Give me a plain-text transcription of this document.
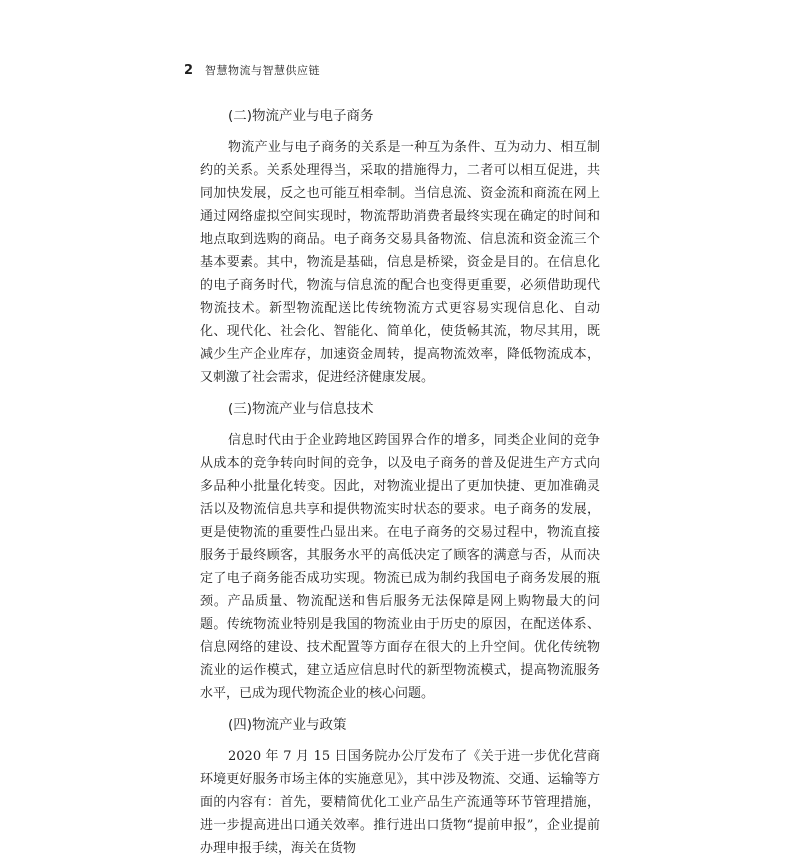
2 智慧物流与智慧供应链
(二)物流产业与电子商务

物流产业与电子商务的关系是一种互为条件、互为动力、相互制约的关系。关系处理得当，采取的措施得力，二者可以相互促进，共同加快发展，反之也可能互相牵制。当信息流、资金流和商流在网上通过网络虚拟空间实现时，物流帮助消费者最终实现在确定的时间和地点取到选购的商品。电子商务交易具备物流、信息流和资金流三个基本要素。其中，物流是基础，信息是桥梁，资金是目的。在信息化的电子商务时代，物流与信息流的配合也变得更重要，必须借助现代物流技术。新型物流配送比传统物流方式更容易实现信息化、自动化、现代化、社会化、智能化、简单化，使货畅其流，物尽其用，既减少生产企业库存，加速资金周转，提高物流效率，降低物流成本，又刺激了社会需求，促进经济健康发展。

(三)物流产业与信息技术

信息时代由于企业跨地区跨国界合作的增多，同类企业间的竞争从成本的竞争转向时间的竞争，以及电子商务的普及促进生产方式向多品种小批量化转变。因此，对物流业提出了更加快捷、更加准确灵活以及物流信息共享和提供物流实时状态的要求。电子商务的发展，更是使物流的重要性凸显出来。在电子商务的交易过程中，物流直接服务于最终顾客，其服务水平的高低决定了顾客的满意与否，从而决定了电子商务能否成功实现。物流已成为制约我国电子商务发展的瓶颈。产品质量、物流配送和售后服务无法保障是网上购物最大的问题。传统物流业特别是我国的物流业由于历史的原因，在配送体系、信息网络的建设、技术配置等方面存在很大的上升空间。优化传统物流业的运作模式，建立适应信息时代的新型物流模式，提高物流服务水平，已成为现代物流企业的核心问题。

(四)物流产业与政策

2020 年 7 月 15 日国务院办公厅发布了《关于进一步优化营商环境更好服务市场主体的实施意见》，其中涉及物流、交通、运输等方面的内容有：首先，要精简优化工业产品生产流通等环节管理措施，进一步提高进出口通关效率。推行进出口货物“提前申报”，企业提前办理申报手续，海关在货物
